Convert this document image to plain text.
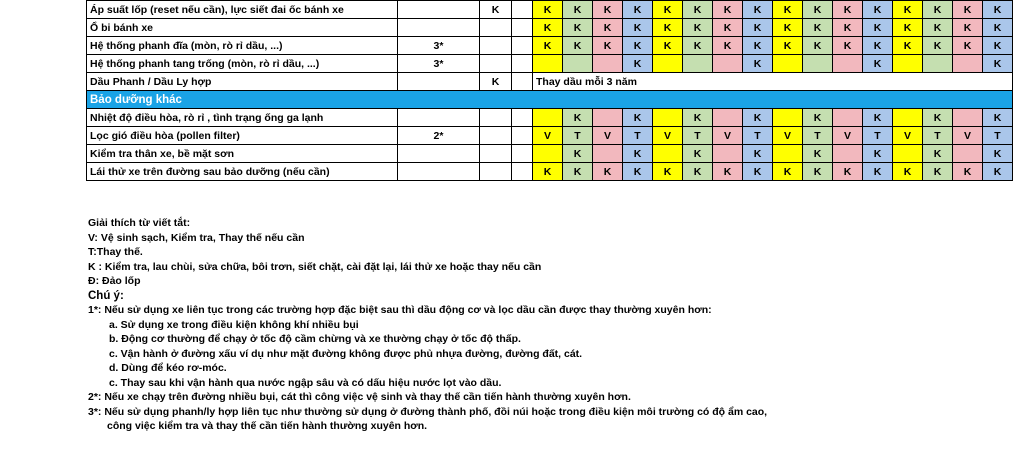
Áp suất lốp (reset nếu cần), lực siết đai ốc bánh xe		K		K	K	K	K	K	K	K	K	K	K	K	K	K	K	K	K
Ổ bi bánh xe				K	K	K	K	K	K	K	K	K	K	K	K	K	K	K	K
Hệ thống phanh đĩa (mòn, rò rỉ dầu, ...)	3*			K	K	K	K	K	K	K	K	K	K	K	K	K	K	K	K
Hệ thống phanh tang trống (mòn, rò rỉ dầu, ...)	3*						K				K				K				K
Dầu Phanh / Dầu Ly hợp		K		Thay dầu mỗi 3 năm															
Bảo dưỡng khác																			
Nhiệt độ điều hòa, rò rỉ , tình trạng ống ga lạnh					K		K		K		K		K		K		K		K
Lọc gió điều hòa (pollen filter)	2*			V	T	V	T	V	T	V	T	V	T	V	T	V	T	V	T
Kiểm tra thân xe, bề mặt sơn					K		K		K		K		K		K		K		K
Lái thử xe trên đường sau bảo dưỡng (nếu cần)				K	K	K	K	K	K	K	K	K	K	K	K	K	K	K	K
Giải thích từ viết tắt:
V: Vệ sinh sạch, Kiểm tra, Thay thế nếu cần
T:Thay thế.
K : Kiểm tra, lau chùi, sửa chữa, bôi trơn, siết chặt, cài đặt lại, lái thử xe hoặc thay nếu cần
Đ: Đảo lốp
Chú ý:
1*: Nếu sử dụng xe liên tục trong các trường hợp đặc biệt sau thì dầu động cơ và lọc dầu cần được thay thường xuyên hơn:
a. Sử dụng xe trong điều kiện không khí nhiều bụi
b. Động cơ thường để chạy ở tốc độ cầm chừng và xe thường chạy ở tốc độ thấp.
c. Vận hành ở đường xấu ví dụ như mặt đường không được phủ nhựa đường, đường đất, cát.
d. Dùng để kéo rơ-móc.
c. Thay sau khi vận hành qua nước ngập sâu và có dấu hiệu nước lọt vào dầu.
2*: Nếu xe chạy trên đường nhiều bụi, cát thì công việc vệ sinh và thay thế cần tiến hành thường xuyên hơn.
3*: Nếu sử dụng phanh/ly hợp liên tục như thường sử dụng ở đường thành phố, đồi núi hoặc trong điều kiện môi trường có độ ẩm cao,
công việc kiểm tra và thay thế cần tiến hành thường xuyên hơn.
